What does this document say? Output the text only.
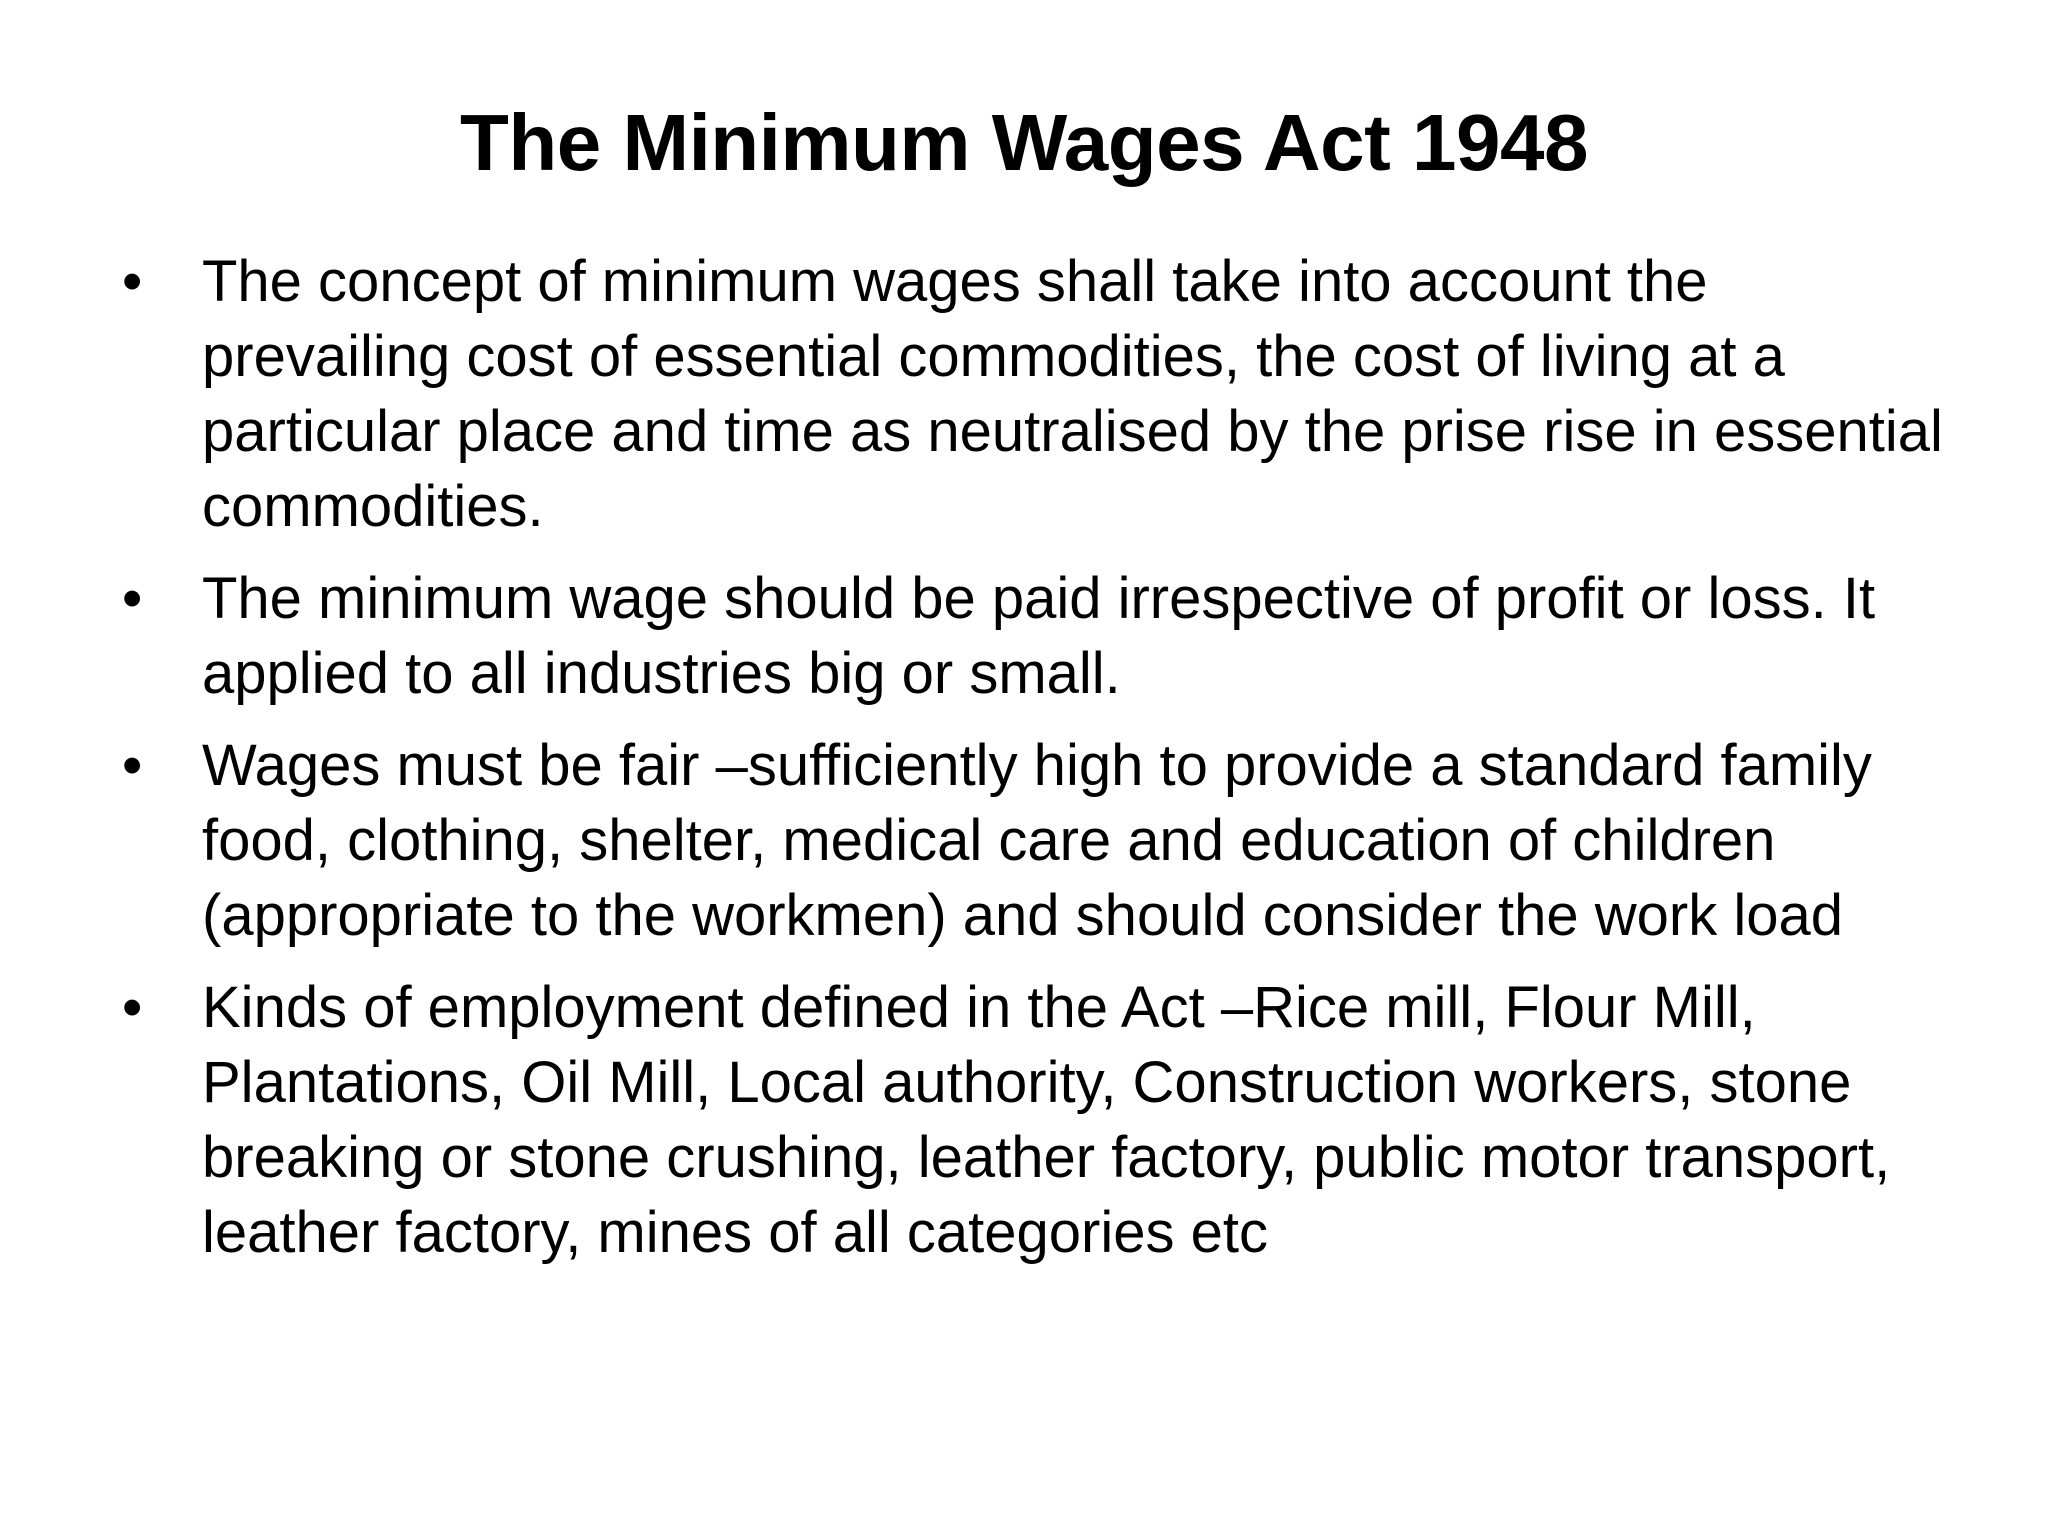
The Minimum Wages Act 1948
•	The concept of minimum wages shall take into account the prevailing cost of essential commodities, the cost of living at a particular place and time as neutralised by the prise rise in essential commodities.
•	The minimum wage should be paid irrespective of profit or loss. It applied to all industries big or small.
•	Wages must be fair –sufficiently high to provide a standard family food, clothing, shelter, medical care and education of children (appropriate to the workmen) and should consider the work load
•	Kinds of employment defined in the Act –Rice mill, Flour Mill, Plantations, Oil Mill, Local authority, Construction workers, stone breaking or stone crushing, leather factory, public motor transport, leather factory, mines of all categories etc
